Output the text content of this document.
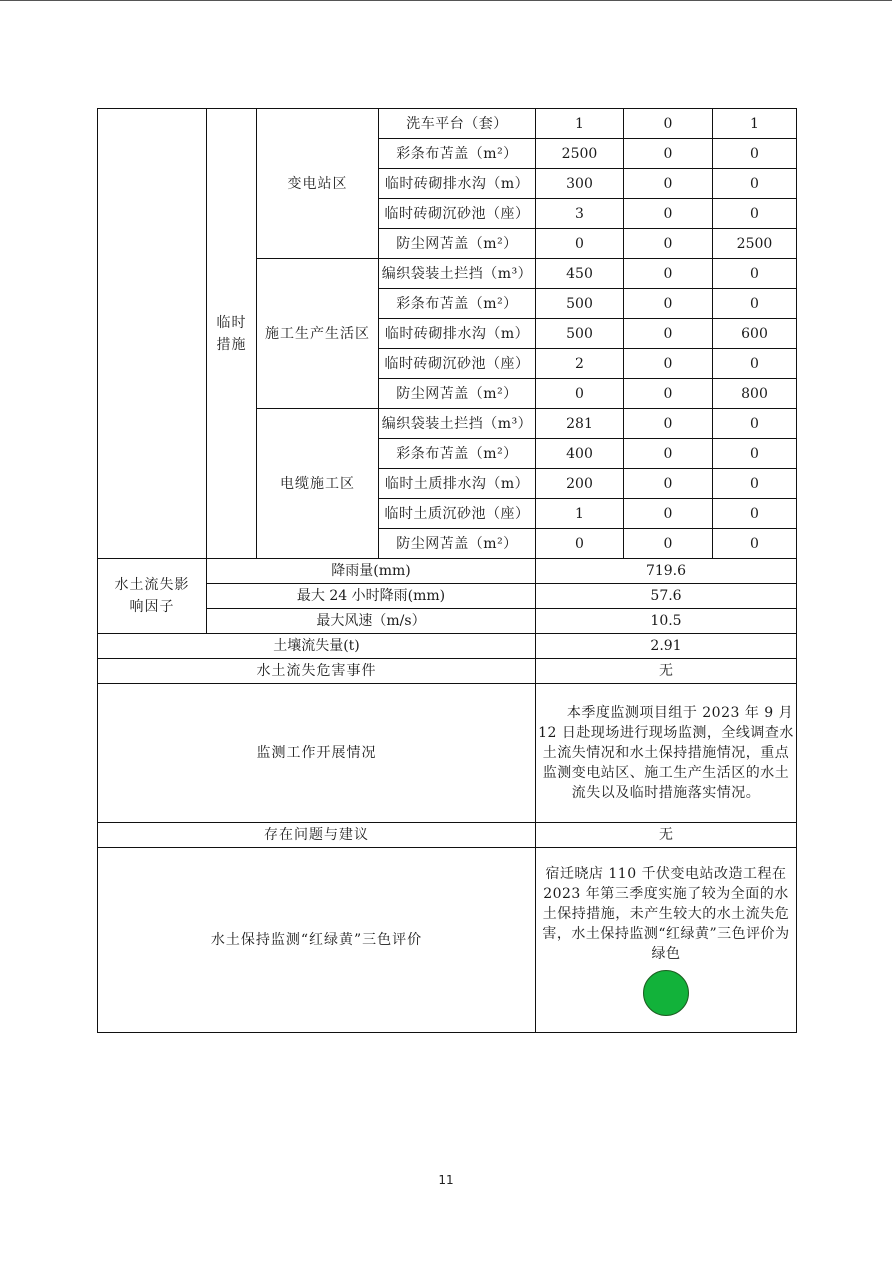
	临时措施	变电站区	洗车平台（套）	1	0	1
			彩条布苫盖（m²）	2500	0	0
			临时砖砌排水沟（m）	300	0	0
			临时砖砌沉砂池（座）	3	0	0
			防尘网苫盖（m²）	0	0	2500
		施工生产生活区	编织袋装土拦挡（m³）	450	0	0
			彩条布苫盖（m²）	500	0	0
			临时砖砌排水沟（m）	500	0	600
			临时砖砌沉砂池（座）	2	0	0
			防尘网苫盖（m²）	0	0	800
		电缆施工区	编织袋装土拦挡（m³）	281	0	0
			彩条布苫盖（m²）	400	0	0
			临时土质排水沟（m）	200	0	0
			临时土质沉砂池（座）	1	0	0
			防尘网苫盖（m²）	0	0	0
水土流失影响因子	降雨量(mm)			719.6		
	最大 24 小时降雨(mm)			57.6		
	最大风速（m/s）			10.5		
土壤流失量(t)				2.91		
水土流失危害事件				无		
监测工作开展情况				本季度监测项目组于 2023 年 9 月 12 日赴现场进行现场监测，全线调查水土流失情况和水土保持措施情况，重点监测变电站区、施工生产生活区的水土流失以及临时措施落实情况。		
存在问题与建议				无		
水土保持监测“红绿黄”三色评价				宿迁晓店 110 千伏变电站改造工程在 2023 年第三季度实施了较为全面的水土保持措施，未产生较大的水土流失危害，水土保持监测“红绿黄”三色评价为绿色		
11
